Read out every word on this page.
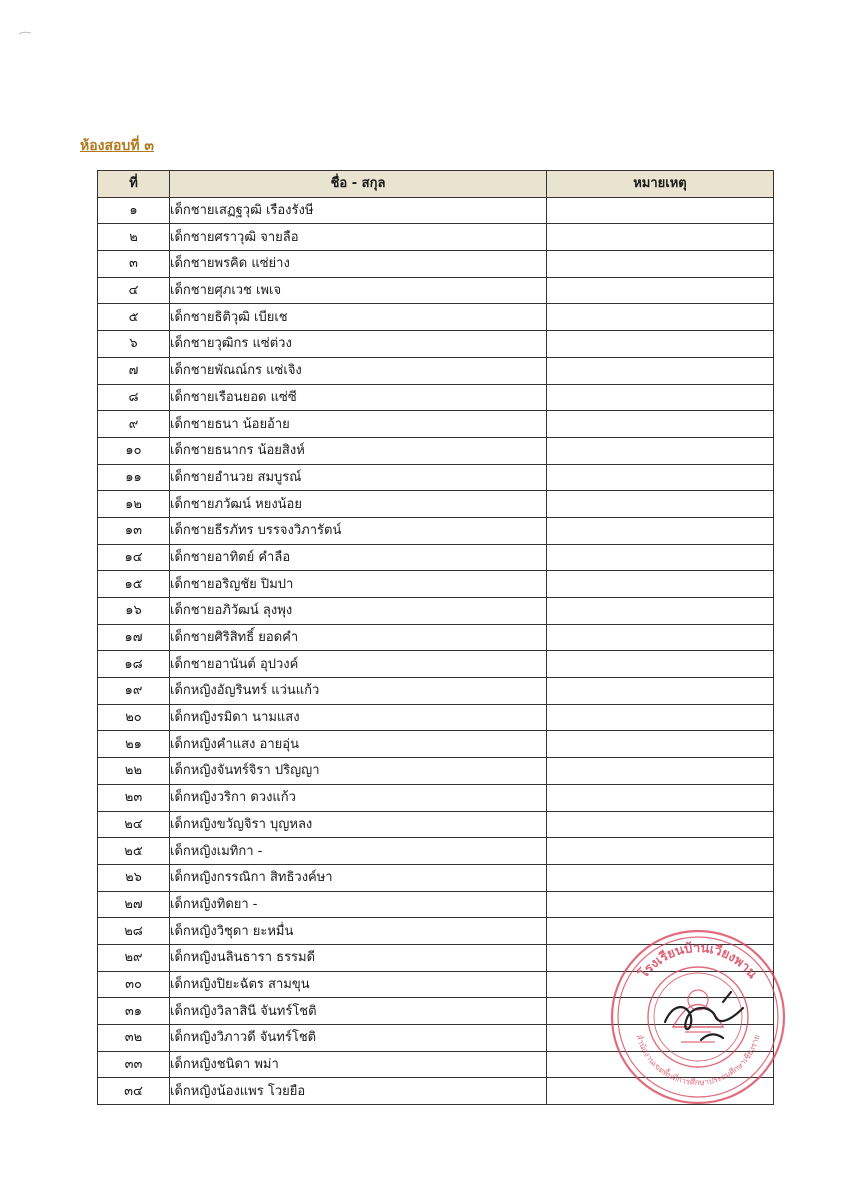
ห้องสอบที่ ๓
ที่	ชื่อ - สกุล	หมายเหตุ
๑	เด็กชายเสฏฐวุฒิ เรืองรังษี	
๒	เด็กชายศราวุฒิ จายลือ	
๓	เด็กชายพรคิด แซ่ย่าง	
๔	เด็กชายศุภเวช เพเจ	
๕	เด็กชายธิติวุฒิ เบียเช	
๖	เด็กชายวุฒิกร แซ่ต่วง	
๗	เด็กชายพัณณ์กร แซ่เจิง	
๘	เด็กชายเรือนยอด แซ่ซี	
๙	เด็กชายธนา น้อยอ้าย	
๑๐	เด็กชายธนากร น้อยสิงห์	
๑๑	เด็กชายอำนวย สมบูรณ์	
๑๒	เด็กชายภวัฒน์ หยงน้อย	
๑๓	เด็กชายธีรภัทร บรรจงวิภารัตน์	
๑๔	เด็กชายอาทิตย์ คำลือ	
๑๕	เด็กชายอริญชัย ปิมปา	
๑๖	เด็กชายอภิวัฒน์ ลุงพุง	
๑๗	เด็กชายศิริสิทธิ์ ยอดคำ	
๑๘	เด็กชายอานันต์ อุปวงค์	
๑๙	เด็กหญิงอัญรินทร์ แว่นแก้ว	
๒๐	เด็กหญิงรมิดา นามแสง	
๒๑	เด็กหญิงคำแสง อายอุ่น	
๒๒	เด็กหญิงจันทร์จิรา ปริญญา	
๒๓	เด็กหญิงวริกา ดวงแก้ว	
๒๔	เด็กหญิงขวัญจิรา บุญหลง	
๒๕	เด็กหญิงเมทิกา -	
๒๖	เด็กหญิงกรรณิกา สิทธิวงค์ษา	
๒๗	เด็กหญิงทิดยา -	
๒๘	เด็กหญิงวิชุดา ยะหมื่น	
๒๙	เด็กหญิงนลินธารา ธรรมดี	
๓๐	เด็กหญิงปิยะฉัตร สามขุน	
๓๑	เด็กหญิงวิลาสินี จันทร์โชติ	
๓๒	เด็กหญิงวิภาวดี จันทร์โชติ	
๓๓	เด็กหญิงชนิดา พม่า	
๓๔	เด็กหญิงน้องแพร โวยยือ	
โรงเรียนบ้านเวียงพาน
สำนักงานเขตพื้นที่การศึกษาประถมศึกษาเชียงราย
